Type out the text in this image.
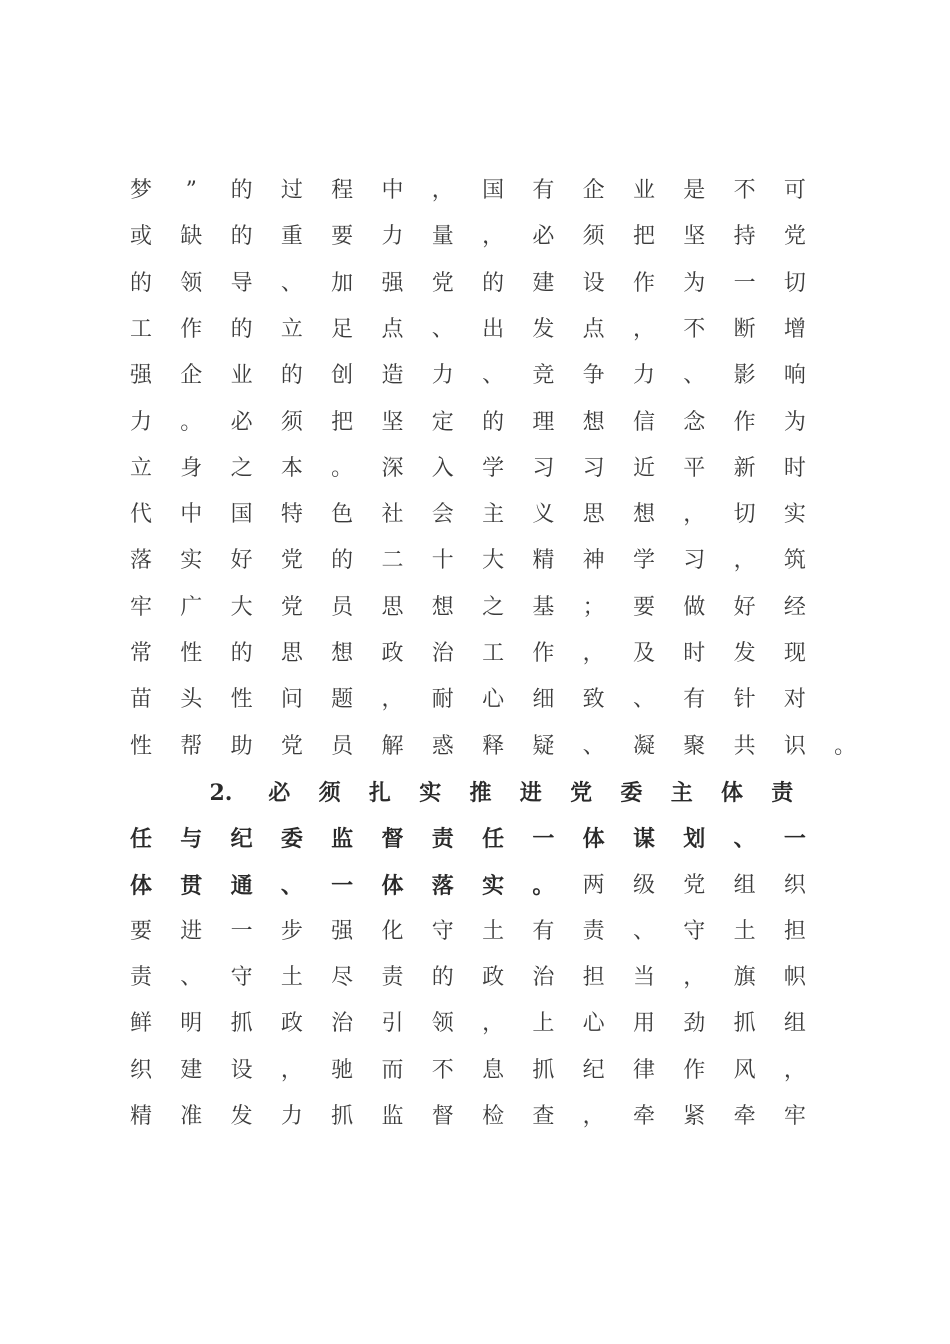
梦	”	的 过 程 中 ， 国 有 企 业 是 不 可
或 缺 的 重 要 力 量 ， 必 须 把 坚 持 党
的 领 导 、 加 强 党 的 建 设 作 为 一 切
工 作 的 立 足 点 、 出 发 点 ， 不 断 增
强 企 业 的 创 造 力 、 竞 争 力 、 影 响
力 。 必 须 把 坚 定 的 理 想 信 念 作 为
立 身 之 本 。 深 入 学 习 习 近 平 新 时
代 中 国 特 色 社 会 主 义 思 想 ， 切 实
落 实 好 党 的 二 十 大 精 神 学 习 ， 筑
牢 广 大 党 员 思 想 之 基 ； 要 做 好 经
常 性 的 思 想 政 治 工 作 ， 及 时 发 现
苗 头 性 问 题 ， 耐 心 细 致 、 有 针 对
性 帮 助 党 员 解 惑 释 疑 、 凝 聚 共 识 。
2.	必 须 扎 实 推 进 党 委 主 体 责
任 与 纪 委 监 督 责 任 一 体 谋 划 、 一
体 贯 通 、 一 体 落 实 。 两 级 党 组 织
要 进 一 步 强 化 守 土 有 责 、 守 土 担
责 、 守 土 尽 责 的 政 治 担 当 ， 旗 帜
鲜 明 抓 政 治 引 领 ， 上 心 用 劲 抓 组
织 建 设 ， 驰 而 不 息 抓 纪 律 作 风 ，
精 准 发 力 抓 监 督 检 查 ， 牵 紧 牵 牢
